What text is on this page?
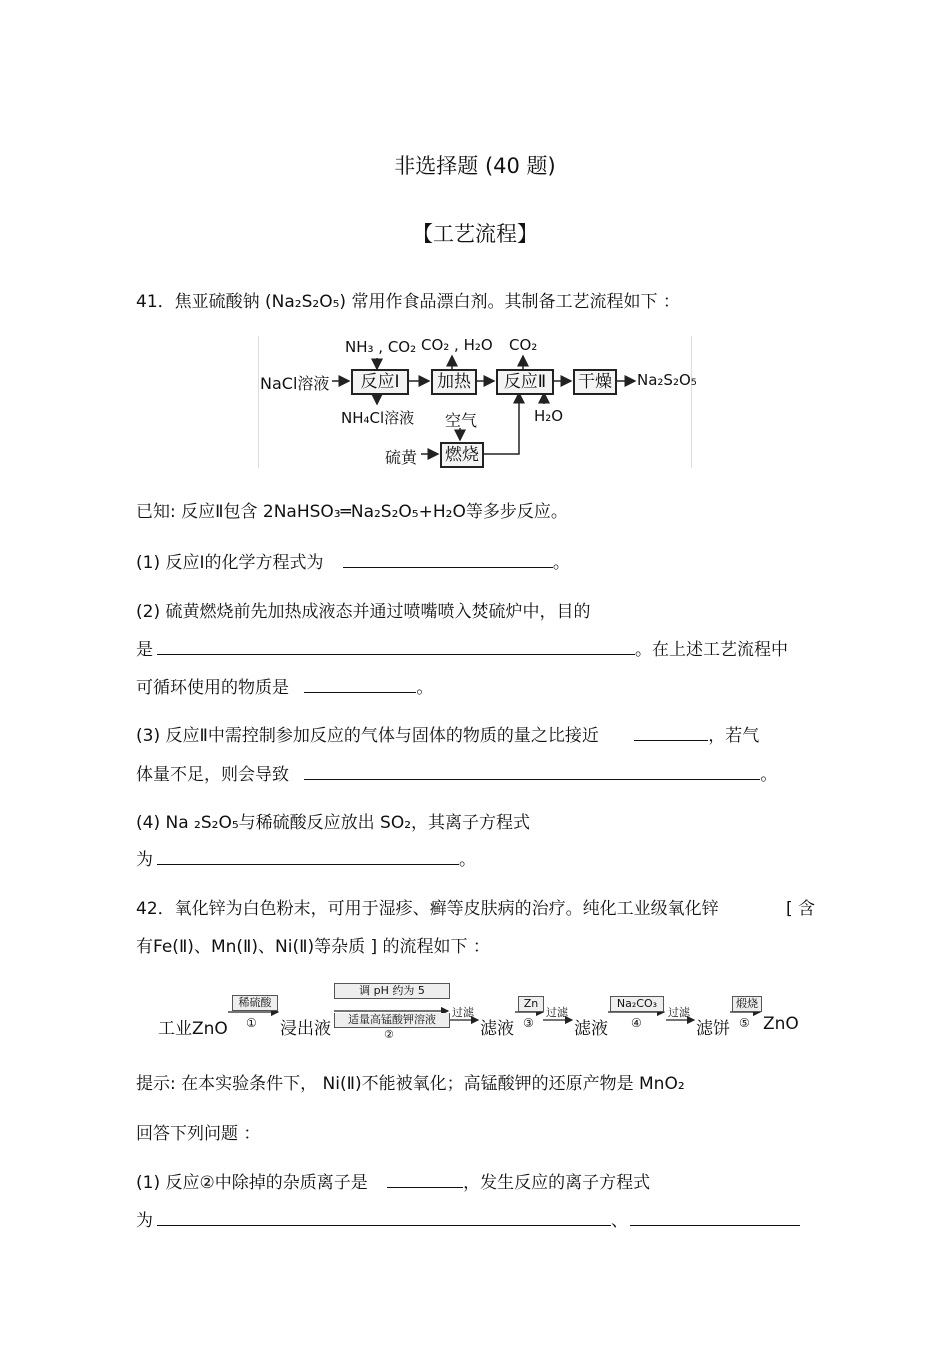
非选择题 (40 题)
【工艺流程】
41．焦亚硫酸钠 (Na₂S₂O₅) 常用作食品漂白剂。其制备工艺流程如下 ：
NH₃ , CO₂ CO₂ , H₂O CO₂
NaCl溶液	反应Ⅰ	加热	反应Ⅱ	干燥	Na₂S₂O₅
NH₄Cl溶液 空气	H₂O
硫黄 燃烧
已知: 反应Ⅱ包含 2NaHSO₃═Na₂S₂O₅+H₂O等多步反应。
(1) 反应Ⅰ的化学方程式为	。
(2) 硫黄燃烧前先加热成液态并通过喷嘴喷入焚硫炉中，目的
是	。在上述工艺流程中
可循环使用的物质是	。
(3) 反应Ⅱ中需控制参加反应的气体与固体的物质的量之比接近	，若气
体量不足，则会导致	。
(4) Na ₂S₂O₅与稀硫酸反应放出 SO₂，其离子方程式
为	。
42．氧化锌为白色粉末，可用于湿疹、癣等皮肤病的治疗。纯化工业级氧化锌	[ 含
有Fe(Ⅱ)、Mn(Ⅱ)、Ni(Ⅱ)等杂质 ] 的流程如下 ：
工业ZnO
稀硫酸
① 浸出液
调 pH 约为 5
适量高锰酸钾溶液
②
过滤
滤液
Zn
③
过滤
滤液
Na₂CO₃
④
过滤
滤饼
煅烧
⑤ ZnO
提示: 在本实验条件下， Ni(Ⅱ)不能被氧化；高锰酸钾的还原产物是 MnO₂
回答下列问题 ：
(1) 反应②中除掉的杂质离子是	，发生反应的离子方程式
为	、
